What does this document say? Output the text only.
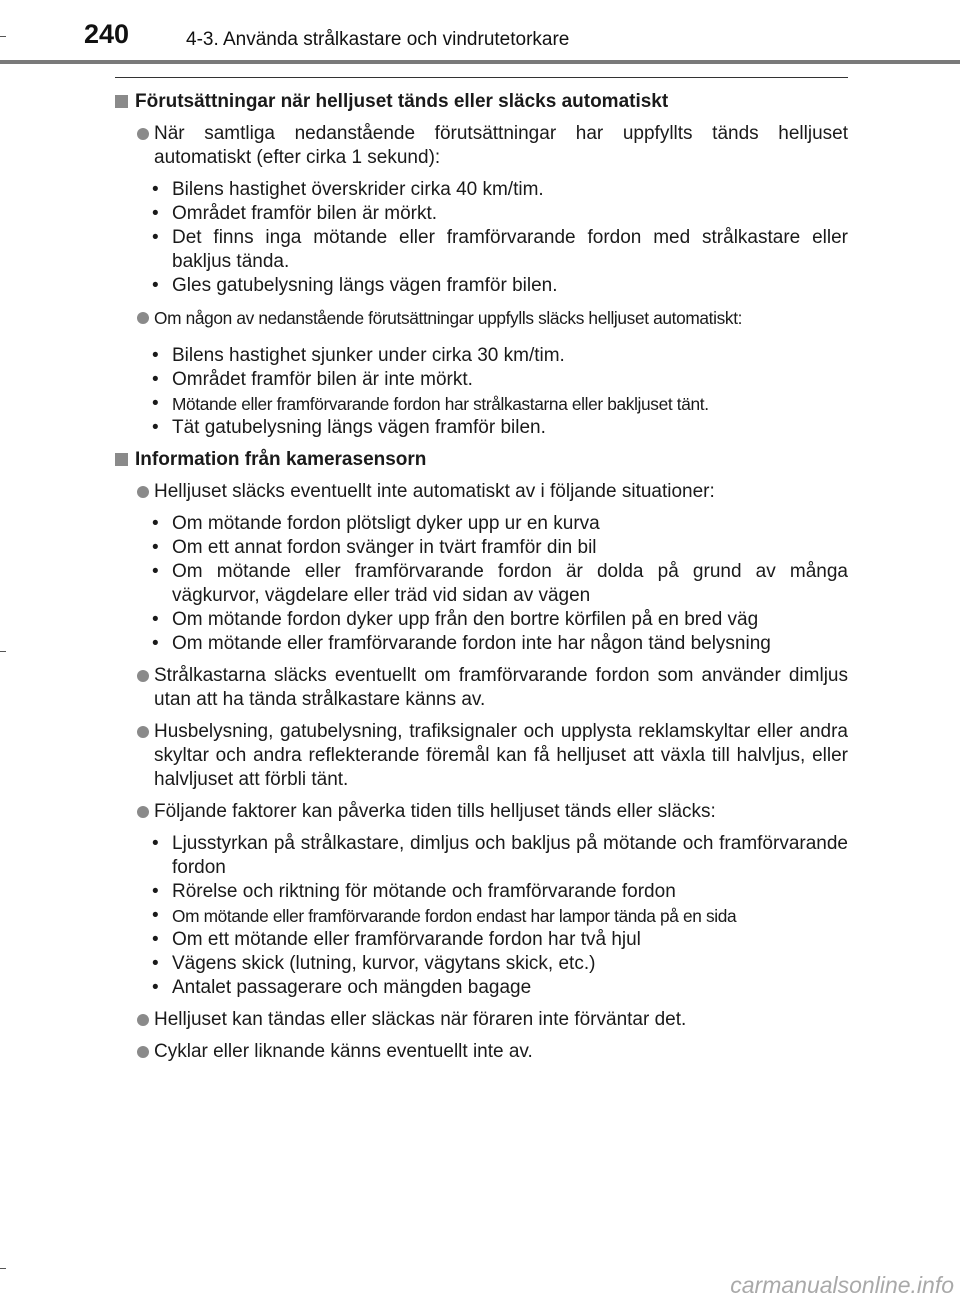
240	4-3. Använda strålkastare och vindrutetorkare
Förutsättningar när helljuset tänds eller släcks automatiskt
När samtliga nedanstående förutsättningar har uppfyllts tänds helljuset automatiskt (efter cirka 1 sekund):
• Bilens hastighet överskrider cirka 40 km/tim.
• Området framför bilen är mörkt.
• Det finns inga mötande eller framförvarande fordon med strålkastare eller bakljus tända.
• Gles gatubelysning längs vägen framför bilen.
Om någon av nedanstående förutsättningar uppfylls släcks helljuset automatiskt:
• Bilens hastighet sjunker under cirka 30 km/tim.
• Området framför bilen är inte mörkt.
• Mötande eller framförvarande fordon har strålkastarna eller bakljuset tänt.
• Tät gatubelysning längs vägen framför bilen.
Information från kamerasensorn
Helljuset släcks eventuellt inte automatiskt av i följande situationer:
• Om mötande fordon plötsligt dyker upp ur en kurva
• Om ett annat fordon svänger in tvärt framför din bil
• Om mötande eller framförvarande fordon är dolda på grund av många vägkurvor, vägdelare eller träd vid sidan av vägen
• Om mötande fordon dyker upp från den bortre körfilen på en bred väg
• Om mötande eller framförvarande fordon inte har någon tänd belysning
Strålkastarna släcks eventuellt om framförvarande fordon som använder dimljus utan att ha tända strålkastare känns av.
Husbelysning, gatubelysning, trafiksignaler och upplysta reklamskyltar eller andra skyltar och andra reflekterande föremål kan få helljuset att växla till halvljus, eller halvljuset att förbli tänt.
Följande faktorer kan påverka tiden tills helljuset tänds eller släcks:
• Ljusstyrkan på strålkastare, dimljus och bakljus på mötande och framförvarande fordon
• Rörelse och riktning för mötande och framförvarande fordon
• Om mötande eller framförvarande fordon endast har lampor tända på en sida
• Om ett mötande eller framförvarande fordon har två hjul
• Vägens skick (lutning, kurvor, vägytans skick, etc.)
• Antalet passagerare och mängden bagage
Helljuset kan tändas eller släckas när föraren inte förväntar det.
Cyklar eller liknande känns eventuellt inte av.
carmanualsonline.info
